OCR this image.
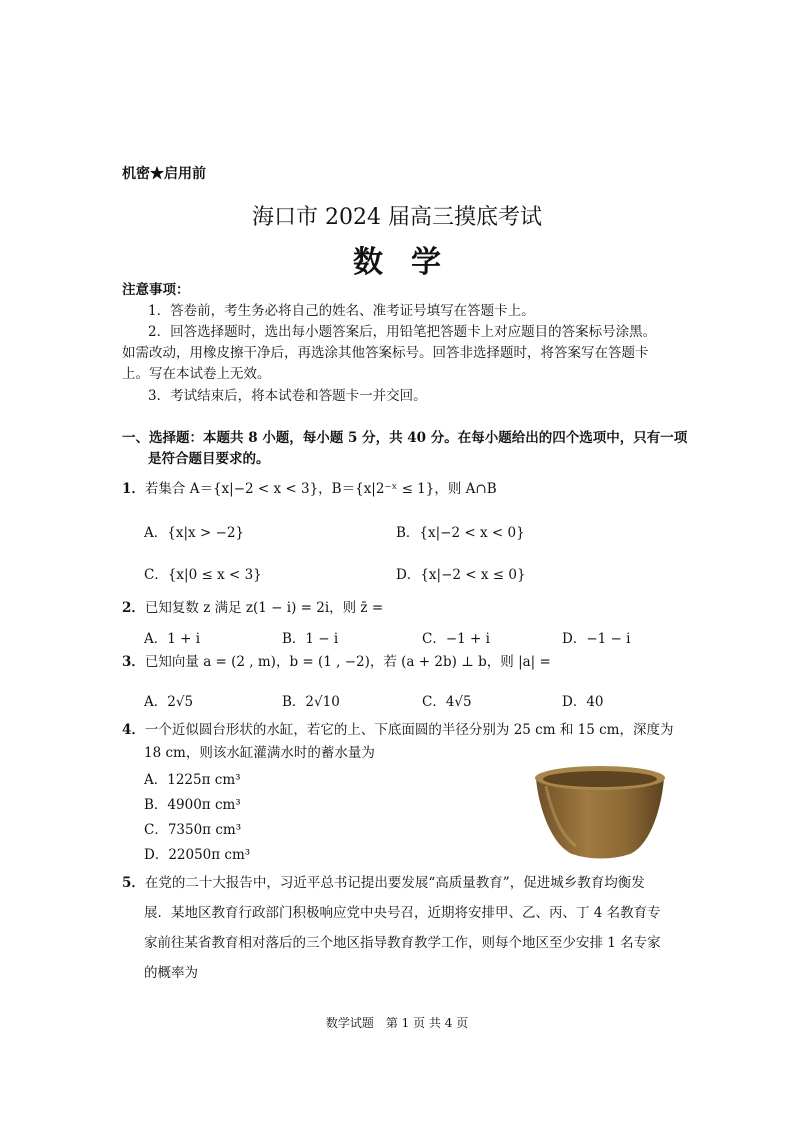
机密★启用前
海口市 2024 届高三摸底考试
数学
注意事项：
1．答卷前，考生务必将自己的姓名、准考证号填写在答题卡上。
2．回答选择题时，选出每小题答案后，用铅笔把答题卡上对应题目的答案标号涂黑。
如需改动，用橡皮擦干净后，再选涂其他答案标号。回答非选择题时，将答案写在答题卡
上。写在本试卷上无效。
3．考试结束后，将本试卷和答题卡一并交回。
一、选择题：本题共 8 小题，每小题 5 分，共 40 分。在每小题给出的四个选项中，只有一项
是符合题目要求的。
1．若集合 A＝{x|−2 < x < 3}，B＝{x|2⁻ˣ ≤ 1}，则 A∩B
A．{x|x > −2}	B．{x|−2 < x < 0}
C．{x|0 ≤ x < 3}	D．{x|−2 < x ≤ 0}
2．已知复数 z 满足 z(1 − i) = 2i，则 z̄ =
A．1 + i	B．1 − i	C．−1 + i	D．−1 − i
3．已知向量 a = (2 , m)，b = (1 , −2)，若 (a + 2b) ⊥ b，则 |a| =
A．2√5	B．2√10	C．4√5	D．40
4．一个近似圆台形状的水缸，若它的上、下底面圆的半径分别为 25 cm 和 15 cm，深度为
18 cm，则该水缸灌满水时的蓄水量为
A．1225π cm³
B．4900π cm³
C．7350π cm³
D．22050π cm³
5．在党的二十大报告中，习近平总书记提出要发展“高质量教育”，促进城乡教育均衡发
展．某地区教育行政部门积极响应党中央号召，近期将安排甲、乙、丙、丁 4 名教育专
家前往某省教育相对落后的三个地区指导教育教学工作，则每个地区至少安排 1 名专家
的概率为
数学试题　第 1 页 共 4 页
